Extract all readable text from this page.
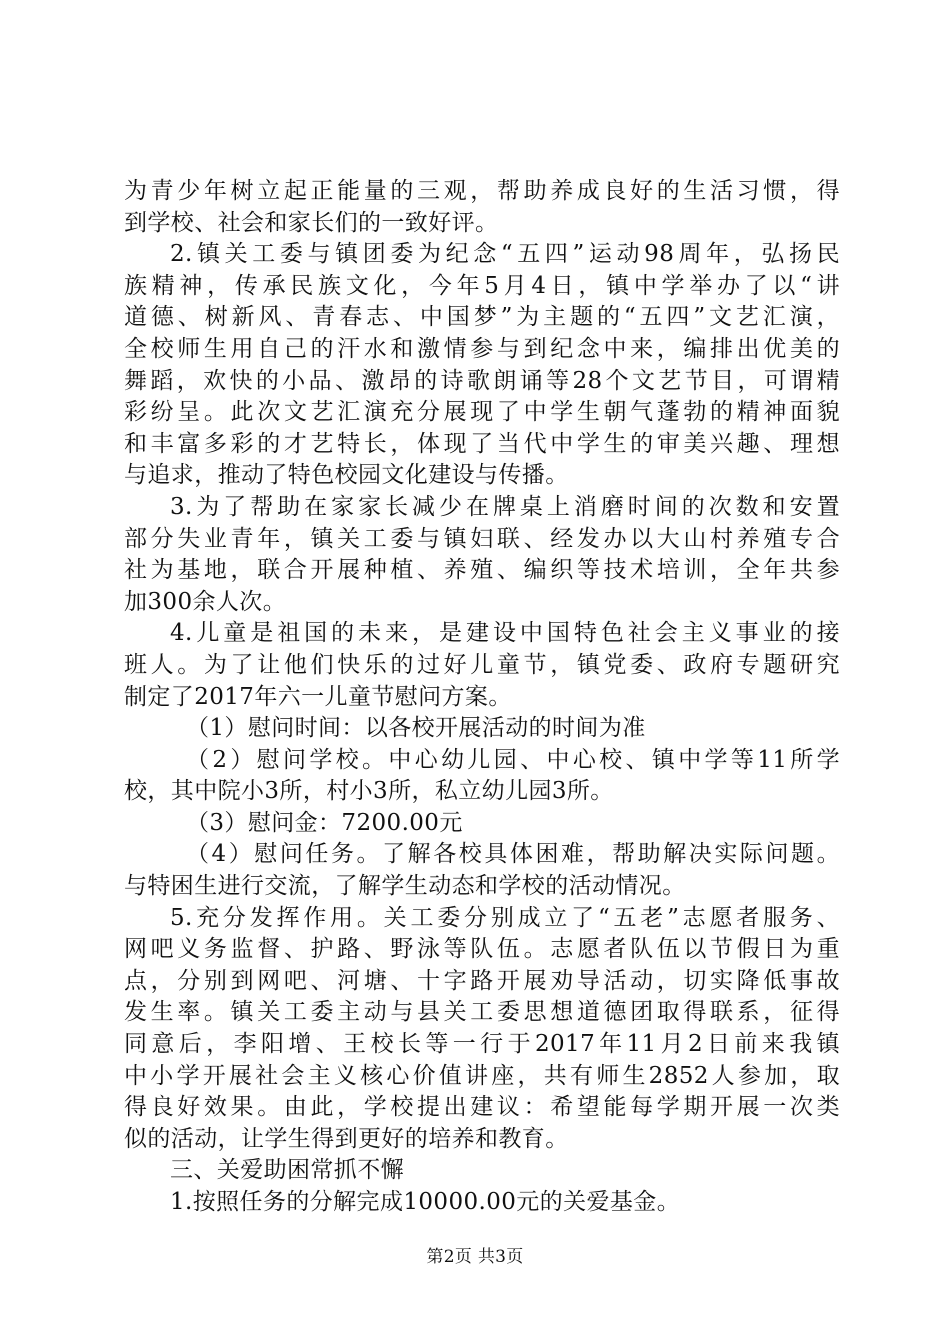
为青少年树立起正能量的三观，帮助养成良好的生活习惯，得
到学校、社会和家长们的一致好评。
2.镇关工委与镇团委为纪念“五四”运动98周年，弘扬民
族精神，传承民族文化，今年5月4日，镇中学举办了以“讲
道德、树新风、青春志、中国梦”为主题的“五四”文艺汇演，
全校师生用自己的汗水和激情参与到纪念中来，编排出优美的
舞蹈，欢快的小品、激昂的诗歌朗诵等28个文艺节目，可谓精
彩纷呈。此次文艺汇演充分展现了中学生朝气蓬勃的精神面貌
和丰富多彩的才艺特长，体现了当代中学生的审美兴趣、理想
与追求，推动了特色校园文化建设与传播。
3.为了帮助在家家长减少在牌桌上消磨时间的次数和安置
部分失业青年，镇关工委与镇妇联、经发办以大山村养殖专合
社为基地，联合开展种植、养殖、编织等技术培训，全年共参
加300余人次。
4.儿童是祖国的未来，是建设中国特色社会主义事业的接
班人。为了让他们快乐的过好儿童节，镇党委、政府专题研究
制定了2017年六一儿童节慰问方案。
（1）慰问时间：以各校开展活动的时间为准
（2）慰问学校。中心幼儿园、中心校、镇中学等11所学
校，其中院小3所，村小3所，私立幼儿园3所。
（3）慰问金：7200.00元
（4）慰问任务。了解各校具体困难，帮助解决实际问题。
与特困生进行交流，了解学生动态和学校的活动情况。
5.充分发挥作用。关工委分别成立了“五老”志愿者服务、
网吧义务监督、护路、野泳等队伍。志愿者队伍以节假日为重
点，分别到网吧、河塘、十字路开展劝导活动，切实降低事故
发生率。镇关工委主动与县关工委思想道德团取得联系，征得
同意后，李阳增、王校长等一行于2017年11月2日前来我镇
中小学开展社会主义核心价值讲座，共有师生2852人参加，取
得良好效果。由此，学校提出建议：希望能每学期开展一次类
似的活动，让学生得到更好的培养和教育。
三、关爱助困常抓不懈
1.按照任务的分解完成10000.00元的关爱基金。
第2页 共3页
